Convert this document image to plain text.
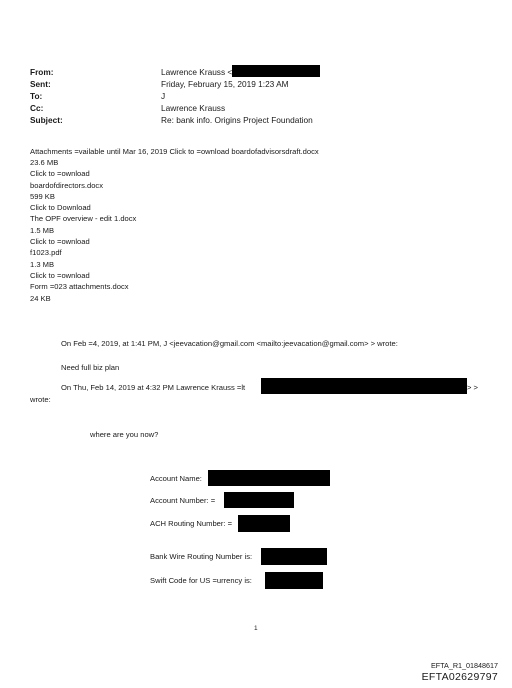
From:	Lawrence Krauss <
Sent:	Friday, February 15, 2019 1:23 AM
To:	J
Cc:	Lawrence Krauss
Subject:	Re: bank info. Origins Project Foundation
Attachments =vailable until Mar 16, 2019 Click to =ownload boardofadvisorsdraft.docx
23.6 MB
Click to =ownload
boardofdirectors.docx
599 KB
Click to Download
The OPF overview - edit 1.docx
1.5 MB
Click to =ownload
f1023.pdf
1.3 MB
Click to =ownload
Form =023 attachments.docx
24 KB
On Feb =4, 2019, at 1:41 PM, J <jeevacation@gmail.com <mailto:jeevacation@gmail.com> > wrote:
Need full biz plan
On Thu, Feb 14, 2019 at 4:32 PM Lawrence Krauss =lt	> >
wrote:
where are you now?
Account Name:
Account Number: =
ACH Routing Number: =
Bank Wire Routing Number is:
Swift Code for US =urrency is:
1
EFTA_R1_01848617
EFTA02629797
